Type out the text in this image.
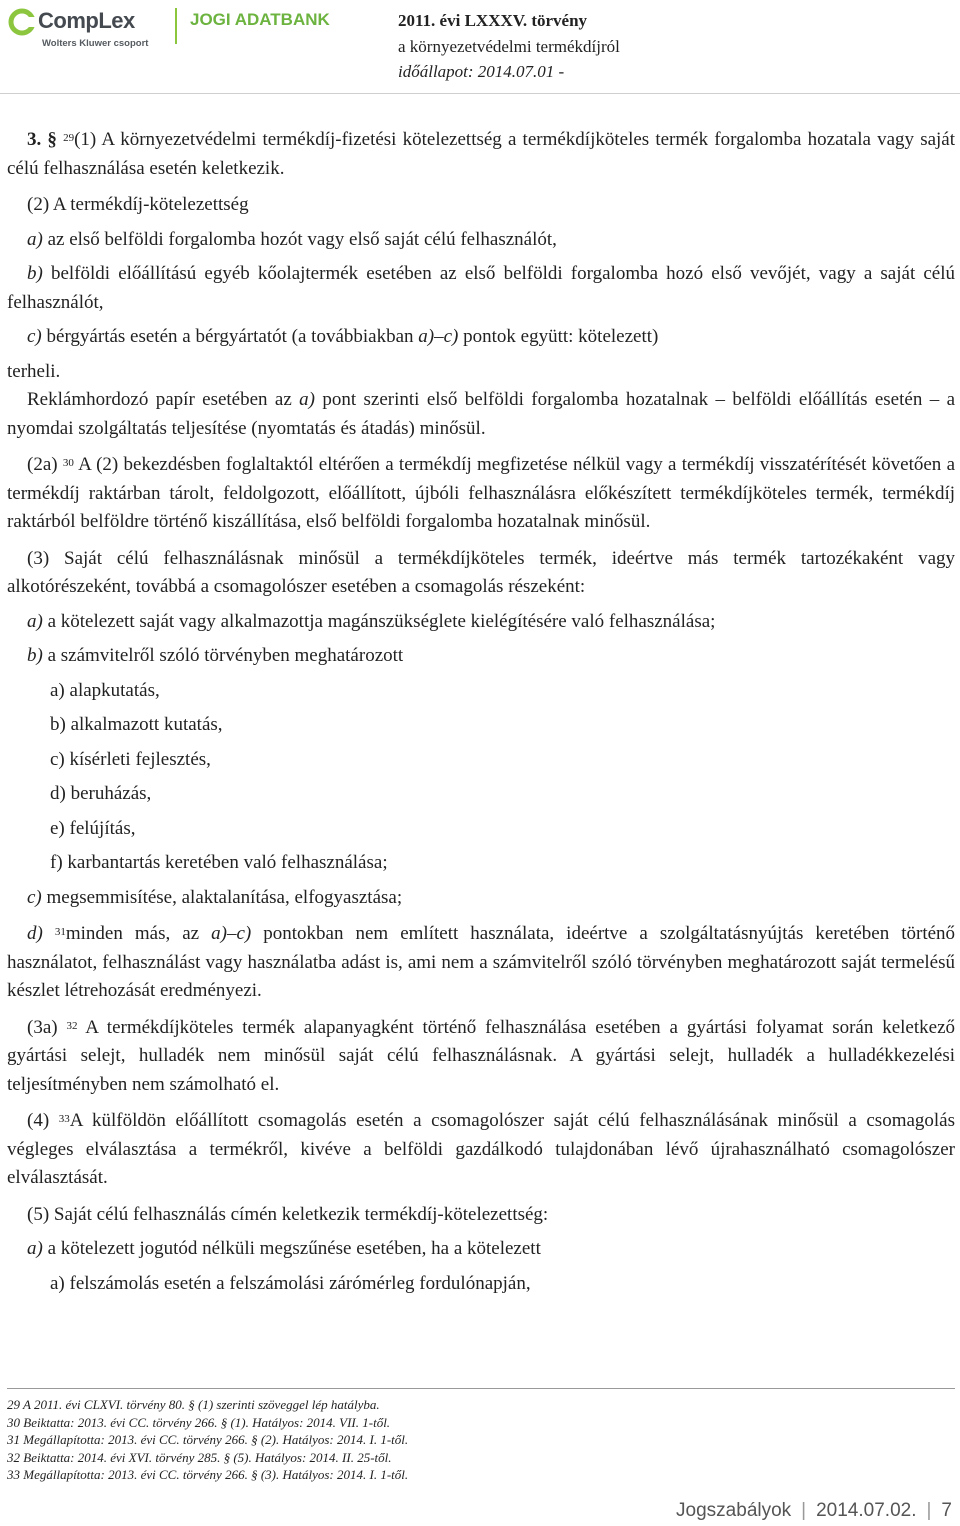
CompLex
Wolters Kluwer csoport
JOGI ADATBANK	2011. évi LXXXV. törvény
a környezetvédelmi termékdíjról
időállapot: 2014.07.01 -

3. § $^{29}$(1) A környezetvédelmi termékdíj-fizetési kötelezettség a termékdíjköteles termék forgalomba hozatala vagy saját célú felhasználása esetén keletkezik.

(2) A termékdíj-kötelezettség

a) az első belföldi forgalomba hozót vagy első saját célú felhasználót,

b) belföldi előállítású egyéb kőolajtermék esetében az első belföldi forgalomba hozó első vevőjét, vagy a saját célú felhasználót,

c) bérgyártás esetén a bérgyártatót (a továbbiakban a)–c) pontok együtt: kötelezett)

terheli.

Reklámhordozó papír esetében az a) pont szerinti első belföldi forgalomba hozatalnak – belföldi előállítás esetén – a nyomdai szolgáltatás teljesítése (nyomtatás és átadás) minősül.

(2a) $^{30}$ A (2) bekezdésben foglaltaktól eltérően a termékdíj megfizetése nélkül vagy a termékdíj visszatérítését követően a termékdíj raktárban tárolt, feldolgozott, előállított, újbóli felhasználásra előkészített termékdíjköteles termék, termékdíj raktárból belföldre történő kiszállítása, első belföldi forgalomba hozatalnak minősül.

(3) Saját célú felhasználásnak minősül a termékdíjköteles termék, ideértve más termék tartozékaként vagy alkotórészeként, továbbá a csomagolószer esetében a csomagolás részeként:

a) a kötelezett saját vagy alkalmazottja magánszükséglete kielégítésére való felhasználása;

b) a számvitelről szóló törvényben meghatározott

a) alapkutatás,

b) alkalmazott kutatás,

c) kísérleti fejlesztés,

d) beruházás,

e) felújítás,

f) karbantartás keretében való felhasználása;

c) megsemmisítése, alaktalanítása, elfogyasztása;

d) $^{31}$minden más, az a)–c) pontokban nem említett használata, ideértve a szolgáltatásnyújtás keretében történő használatot, felhasználást vagy használatba adást is, ami nem a számvitelről szóló törvényben meghatározott saját termelésű készlet létrehozását eredményezi.

(3a) $^{32}$ A termékdíjköteles termék alapanyagként történő felhasználása esetében a gyártási folyamat során keletkező gyártási selejt, hulladék nem minősül saját célú felhasználásnak. A gyártási selejt, hulladék a hulladékkezelési teljesítményben nem számolható el.

(4) $^{33}$A külföldön előállított csomagolás esetén a csomagolószer saját célú felhasználásának minősül a csomagolás végleges elválasztása a termékről, kivéve a belföldi gazdálkodó tulajdonában lévő újrahasználható csomagolószer elválasztását.

(5) Saját célú felhasználás címén keletkezik termékdíj-kötelezettség:

a) a kötelezett jogutód nélküli megszűnése esetében, ha a kötelezett

a) felszámolás esetén a felszámolási zárómérleg fordulónapján,

29 A 2011. évi CLXVI. törvény 80. § (1) szerinti szöveggel lép hatályba.
30 Beiktatta: 2013. évi CC. törvény 266. § (1). Hatályos: 2014. VII. 1-től.
31 Megállapította: 2013. évi CC. törvény 266. § (2). Hatályos: 2014. I. 1-től.
32 Beiktatta: 2014. évi XVI. törvény 285. § (5). Hatályos: 2014. II. 25-től.
33 Megállapította: 2013. évi CC. törvény 266. § (3). Hatályos: 2014. I. 1-től.
Jogszabályok | 2014.07.02. | 7
